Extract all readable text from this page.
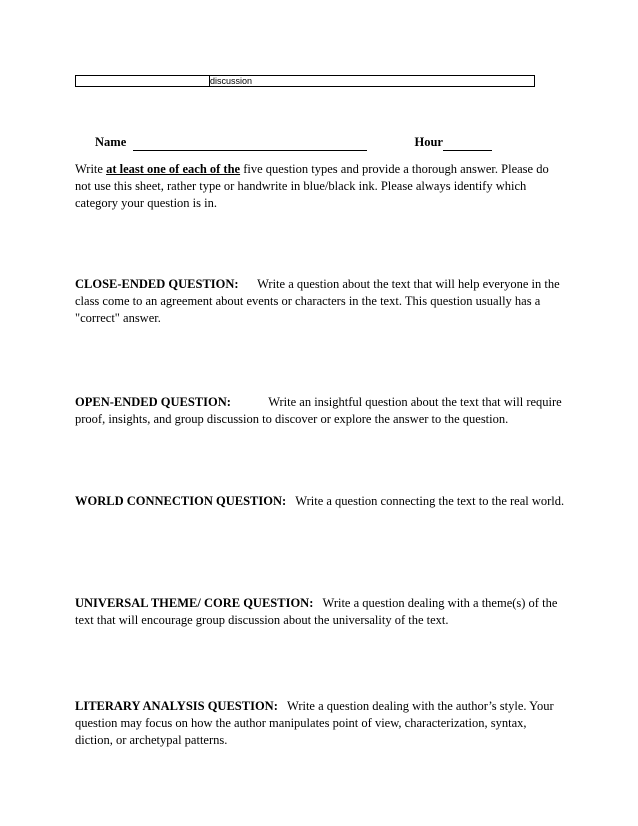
discussion
Name	Hour

Write at least one of each of the five question types and provide a thorough answer. Please do not use this sheet, rather type or handwrite in blue/black ink. Please always identify which category your question is in.

CLOSE-ENDED QUESTION: Write a question about the text that will help everyone in the class come to an agreement about events or characters in the text. This question usually has a "correct" answer.

OPEN-ENDED QUESTION:	Write an insightful question about the text that will require proof, insights, and group discussion to discover or explore the answer to the question.

WORLD CONNECTION QUESTION: Write a question connecting the text to the real world.

UNIVERSAL THEME/ CORE QUESTION: Write a question dealing with a theme(s) of the text that will encourage group discussion about the universality of the text.

LITERARY ANALYSIS QUESTION: Write a question dealing with the author’s style. Your question may focus on how the author manipulates point of view, characterization, syntax, diction, or archetypal patterns.
